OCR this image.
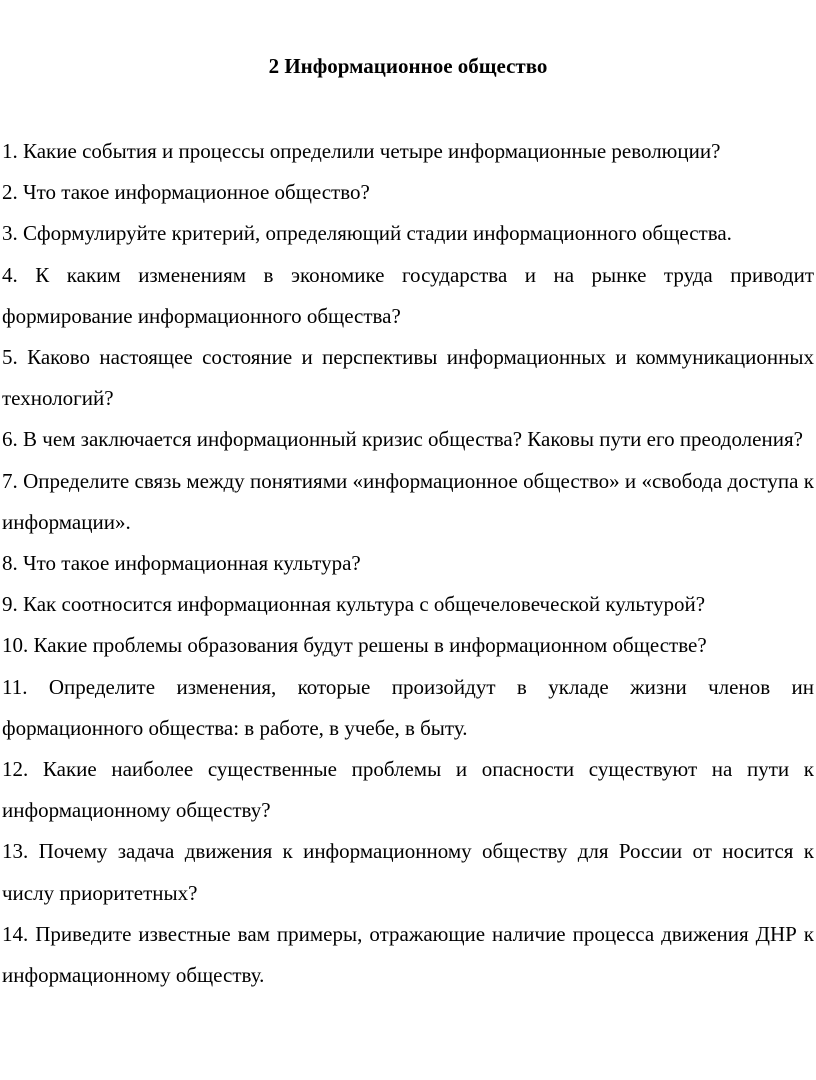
2 Информационное общество
1. Какие события и процессы определили четыре информационные революции?
2. Что такое информационное общество?
3. Сформулируйте критерий, определяющий стадии информационного общества.
4. К каким изменениям в экономике государства и на рынке труда приводит формирование информационного общества?
5. Каково настоящее состояние и перспективы информационных и коммуникационных технологий?
6. В чем заключается информационный кризис общества? Каковы пути его преодоления?
7. Определите связь между понятиями «информационное общество» и «свобода доступа к информации».
8. Что такое информационная культура?
9. Как соотносится информационная культура с общечеловеческой культурой?
10. Какие проблемы образования будут решены в информационном обществе?
11. Определите изменения, которые произойдут в укладе жизни членов ин формационного общества: в работе, в учебе, в быту.
12. Какие наиболее существенные проблемы и опасности существуют на пути к информационному обществу?
13. Почему задача движения к информационному обществу для России от носится к числу приоритетных?
14. Приведите известные вам примеры, отражающие наличие процесса движения ДНР к информационному обществу.
